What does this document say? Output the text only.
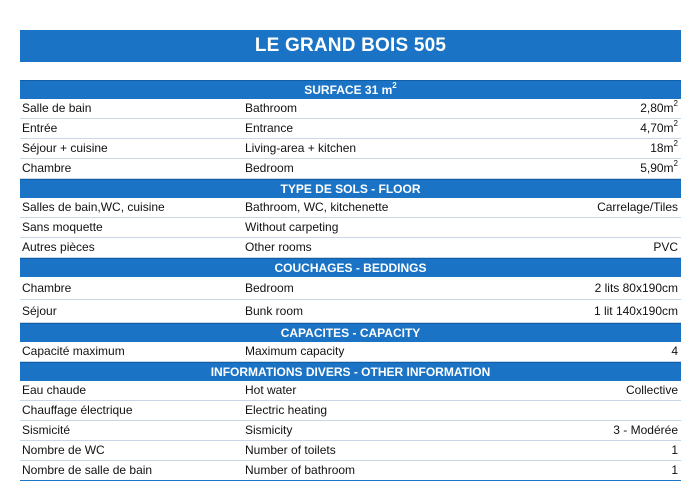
LE GRAND BOIS 505
SURFACE 31 $m^2$
Salle de bain	Bathroom	$2,80m^2$
Entrée	Entrance	$4,70m^2$
Séjour + cuisine	Living-area + kitchen	$18m^2$
Chambre	Bedroom	$5,90m^2$
TYPE DE SOLS - FLOOR
Salles de bain,WC, cuisine	Bathroom, WC, kitchenette	Carrelage/Tiles
Sans moquette	Without carpeting
Autres pièces	Other rooms	PVC
COUCHAGES - BEDDINGS
Chambre	Bedroom	2 lits 80x190cm
Séjour	Bunk room	1 lit 140x190cm
CAPACITES - CAPACITY
Capacité maximum	Maximum capacity	4
INFORMATIONS DIVERS - OTHER INFORMATION
Eau chaude	Hot water	Collective
Chauffage électrique	Electric heating
Sismicité	Sismicity	3 - Modérée
Nombre de WC	Number of toilets	1
Nombre de salle de bain	Number of bathroom	1
